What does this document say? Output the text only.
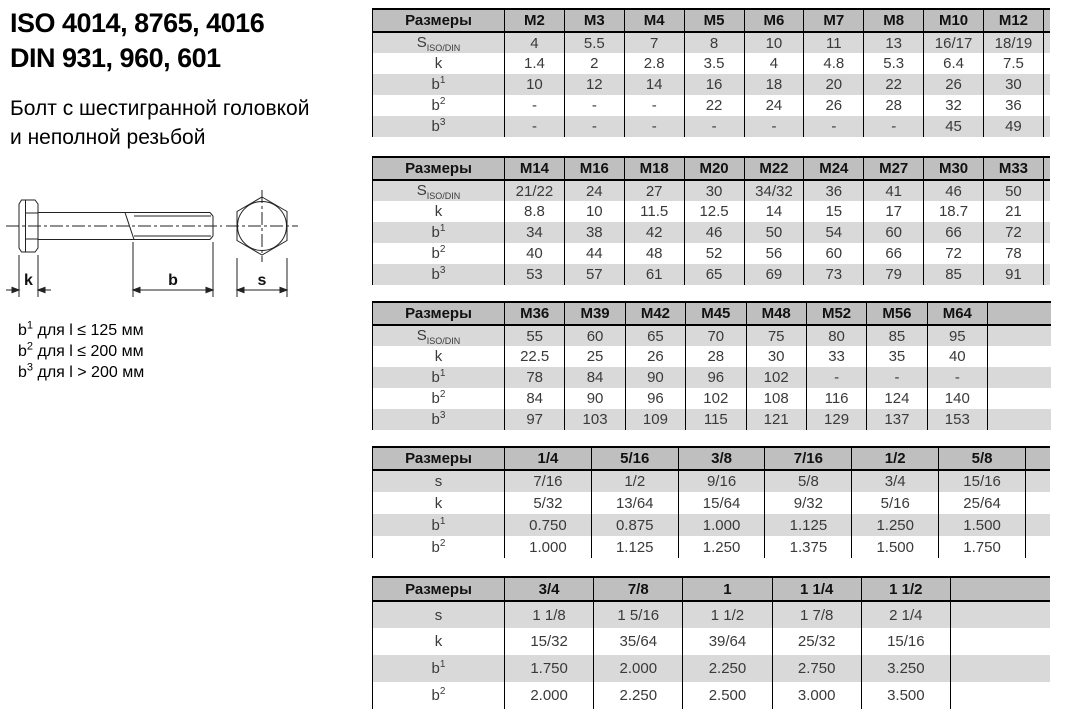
ISO 4014, 8765, 4016
DIN 931, 960, 601
Болт с шестигранной головкой
и неполной резьбой
k	b	s
$b^1$ для l ≤ 125 мм
$b^2$ для l ≤ 200 мм
$b^3$ для l > 200 мм
Размеры	M2	M3	M4	M5	M6	M7	M8	M10	M12	
$S_{ISO/DIN}$	4	5.5	7	8	10	11	13	16/17	18/19	
k	1.4	2	2.8	3.5	4	4.8	5.3	6.4	7.5	
$b^1$	10	12	14	16	18	20	22	26	30	
$b^2$	-	-	-	22	24	26	28	32	36	
$b^3$	-	-	-	-	-	-	-	45	49	
Размеры	M14	M16	M18	M20	M22	M24	M27	M30	M33	
$S_{ISO/DIN}$	21/22	24	27	30	34/32	36	41	46	50	
k	8.8	10	11.5	12.5	14	15	17	18.7	21	
$b^1$	34	38	42	46	50	54	60	66	72	
$b^2$	40	44	48	52	56	60	66	72	78	
$b^3$	53	57	61	65	69	73	79	85	91	
Размеры	M36	M39	M42	M45	M48	M52	M56	M64	
$S_{ISO/DIN}$	55	60	65	70	75	80	85	95	
k	22.5	25	26	28	30	33	35	40	
$b^1$	78	84	90	96	102	-	-	-	
$b^2$	84	90	96	102	108	116	124	140	
$b^3$	97	103	109	115	121	129	137	153	
Размеры	1/4	5/16	3/8	7/16	1/2	5/8	
s	7/16	1/2	9/16	5/8	3/4	15/16	
k	5/32	13/64	15/64	9/32	5/16	25/64	
$b^1$	0.750	0.875	1.000	1.125	1.250	1.500	
$b^2$	1.000	1.125	1.250	1.375	1.500	1.750	
Размеры	3/4	7/8	1	1 1/4	1 1/2	
s	1 1/8	1 5/16	1 1/2	1 7/8	2 1/4	
k	15/32	35/64	39/64	25/32	15/16	
$b^1$	1.750	2.000	2.250	2.750	3.250	
$b^2$	2.000	2.250	2.500	3.000	3.500	
